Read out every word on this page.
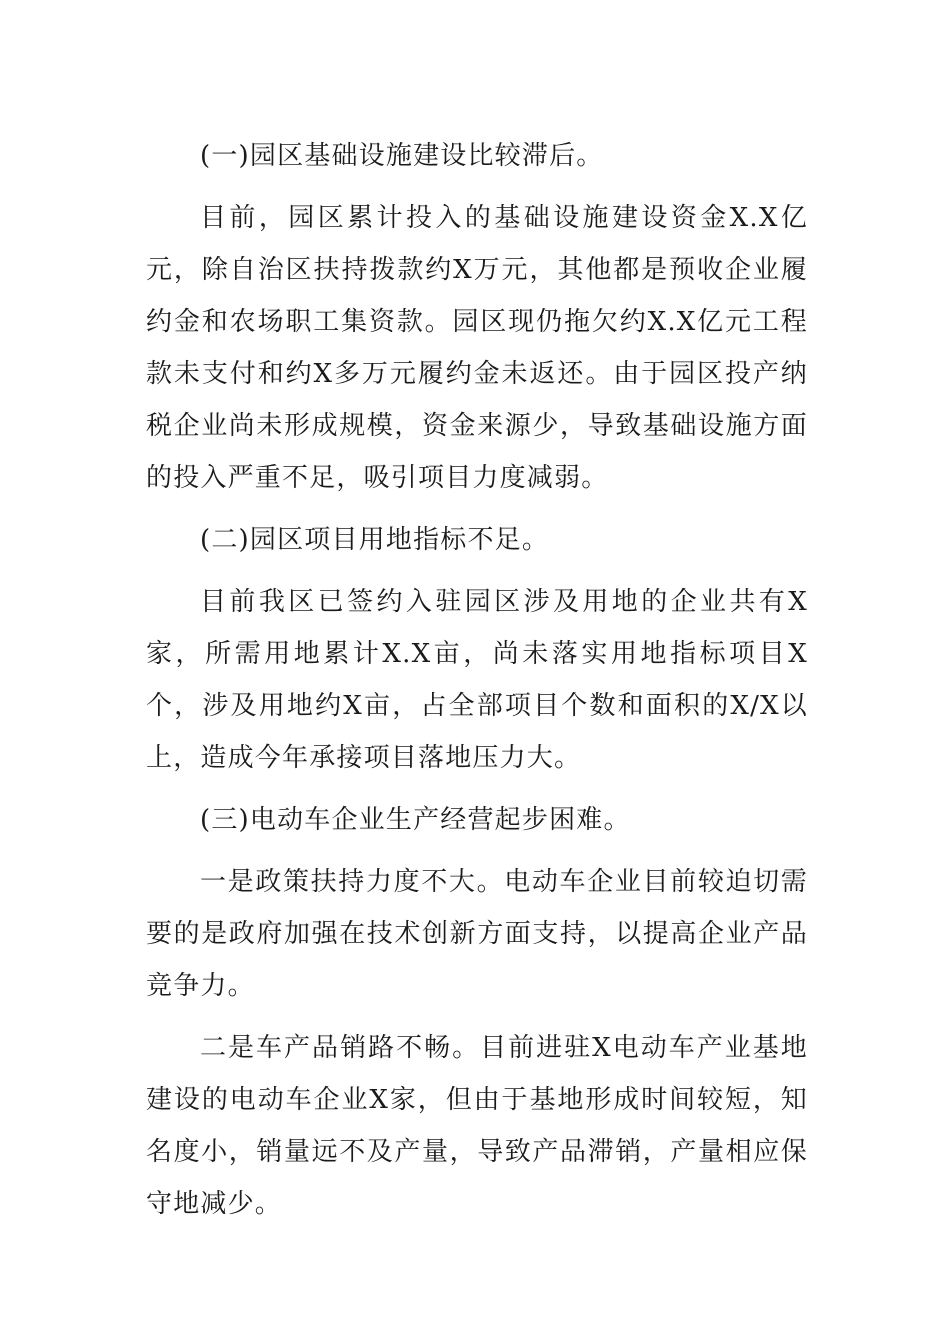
(一)园区基础设施建设比较滞后。

目前，园区累计投入的基础设施建设资金X.X亿元，除自治区扶持拨款约X万元，其他都是预收企业履约金和农场职工集资款。园区现仍拖欠约X.X亿元工程款未支付和约X多万元履约金未返还。由于园区投产纳税企业尚未形成规模，资金来源少，导致基础设施方面的投入严重不足，吸引项目力度减弱。

(二)园区项目用地指标不足。

目前我区已签约入驻园区涉及用地的企业共有X家，所需用地累计X.X亩，尚未落实用地指标项目X个，涉及用地约X亩，占全部项目个数和面积的X/X以上，造成今年承接项目落地压力大。

(三)电动车企业生产经营起步困难。

一是政策扶持力度不大。电动车企业目前较迫切需要的是政府加强在技术创新方面支持，以提高企业产品竞争力。

二是车产品销路不畅。目前进驻X电动车产业基地建设的电动车企业X家，但由于基地形成时间较短，知名度小，销量远不及产量，导致产品滞销，产量相应保守地减少。
